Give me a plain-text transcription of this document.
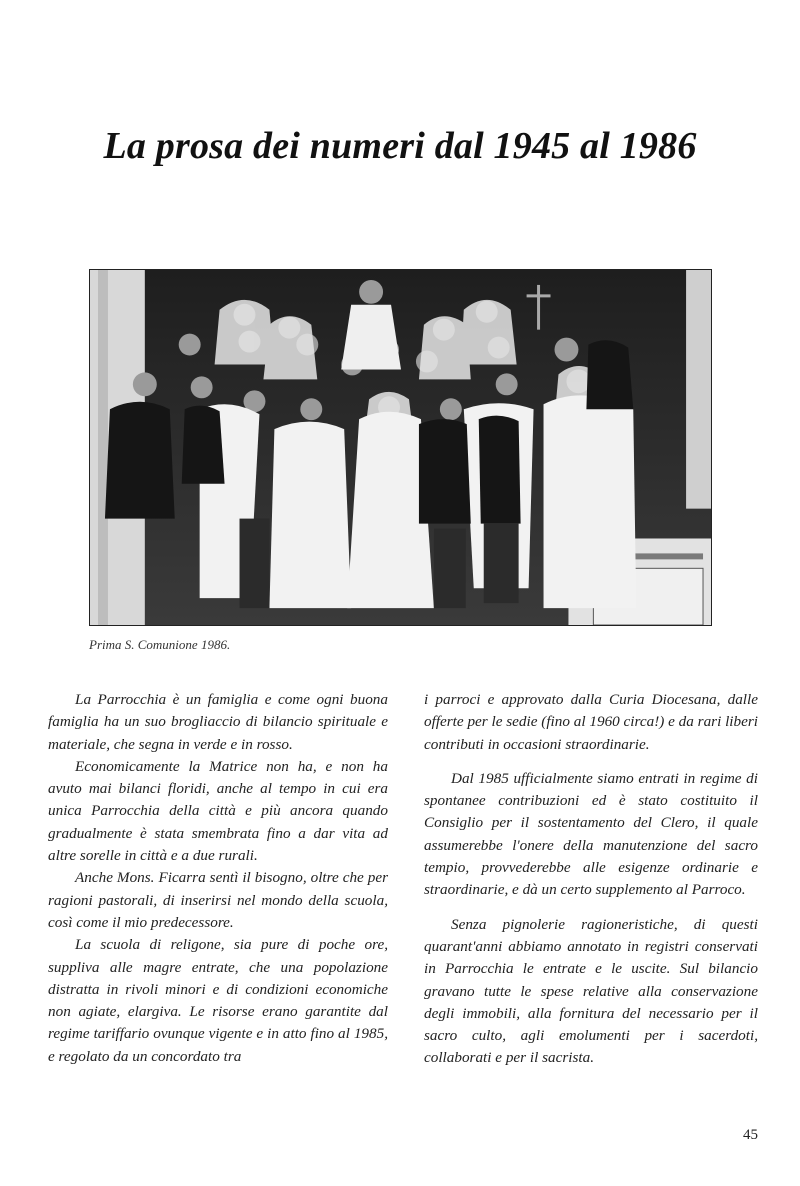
La prosa dei numeri dal 1945 al 1986
Prima S. Comunione 1986.

La Parrocchia è un famiglia e come ogni buona famiglia ha un suo brogliaccio di bilancio spirituale e materiale, che segna in verde e in rosso.

Economicamente la Matrice non ha, e non ha avuto mai bilanci floridi, anche al tempo in cui era unica Parrocchia della città e più ancora quando gradualmente è stata smembrata fino a dar vita ad altre sorelle in città e a due rurali.

Anche Mons. Ficarra sentì il bisogno, oltre che per ragioni pastorali, di inserirsi nel mondo della scuola, così come il mio predecessore.

La scuola di religone, sia pure di poche ore, suppliva alle magre entrate, che una popolazione distratta in rivoli minori e di condizioni economiche non agiate, elargiva. Le risorse erano garantite dal regime tariffario ovunque vigente e in atto fino al 1985, e regolato da un concordato tra

i parroci e approvato dalla Curia Diocesana, dalle offerte per le sedie (fino al 1960 circa!) e da rari liberi contributi in occasioni straordinarie.

Dal 1985 ufficialmente siamo entrati in regime di spontanee contribuzioni ed è stato costituito il Consiglio per il sostentamento del Clero, il quale assumerebbe l'onere della manutenzione del sacro tempio, provvederebbe alle esigenze ordinarie e straordinarie, e dà un certo supplemento al Parroco.

Senza pignolerie ragioneristiche, di questi quarant'anni abbiamo annotato in registri conservati in Parrocchia le entrate e le uscite. Sul bilancio gravano tutte le spese relative alla conservazione degli immobili, alla fornitura del necessario per il sacro culto, agli emolumenti per i sacerdoti, collaborati e per il sacrista.

45
